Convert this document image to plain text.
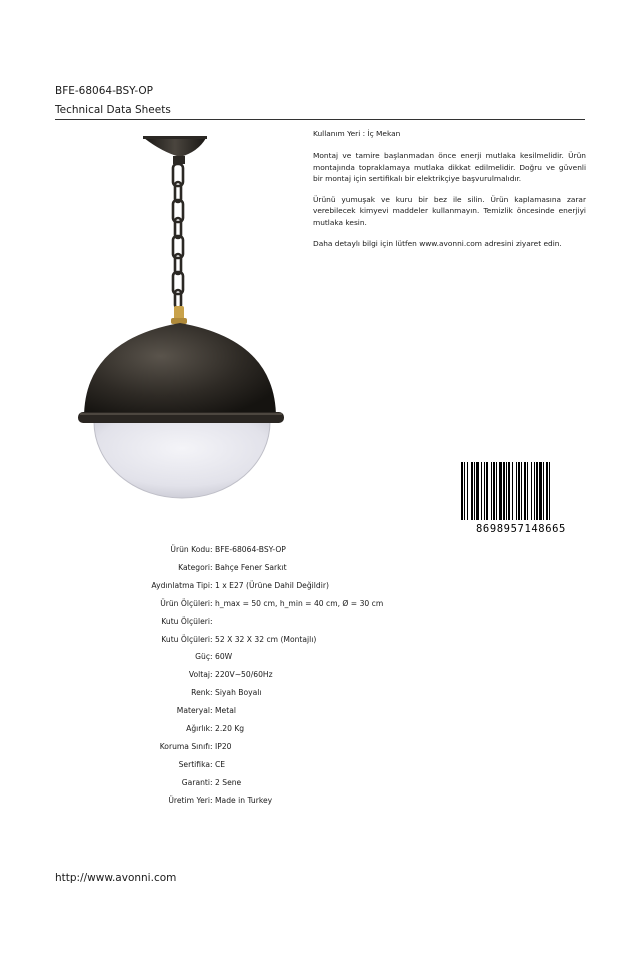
BFE-68064-BSY-OP
Technical Data Sheets

Kullanım Yeri : İç Mekan

Montaj ve tamire başlanmadan önce enerji mutlaka kesilmelidir. Ürün montajında topraklamaya mutlaka dikkat edilmelidir. Doğru ve güvenli bir montaj için sertifikalı bir elektrikçiye başvurulmalıdır.

Ürünü yumuşak ve kuru bir bez ile silin. Ürün kaplamasına zarar verebilecek kimyevi maddeler kullanmayın. Temizlik öncesinde enerjiyi mutlaka kesin.

Daha detaylı bilgi için lütfen www.avonni.com adresini ziyaret edin.

8698957148665
Ürün Kodu : BFE-68064-BSY-OP
Kategori : Bahçe Fener Sarkıt
Aydınlatma Tipi : 1 x E27 (Ürüne Dahil Değildir)
Ürün Ölçüleri : h_max = 50 cm, h_min = 40 cm, Ø = 30 cm
Kutu Ölçüleri :
Kutu Ölçüleri : 52 X 32 X 32 cm (Montajlı)
Güç : 60W
Voltaj : 220V~50/60Hz
Renk : Siyah Boyalı
Materyal : Metal
Ağırlık : 2.20 Kg
Koruma Sınıfı : IP20
Sertifika : CE
Garanti : 2 Sene
Üretim Yeri : Made in Turkey
http://www.avonni.com
